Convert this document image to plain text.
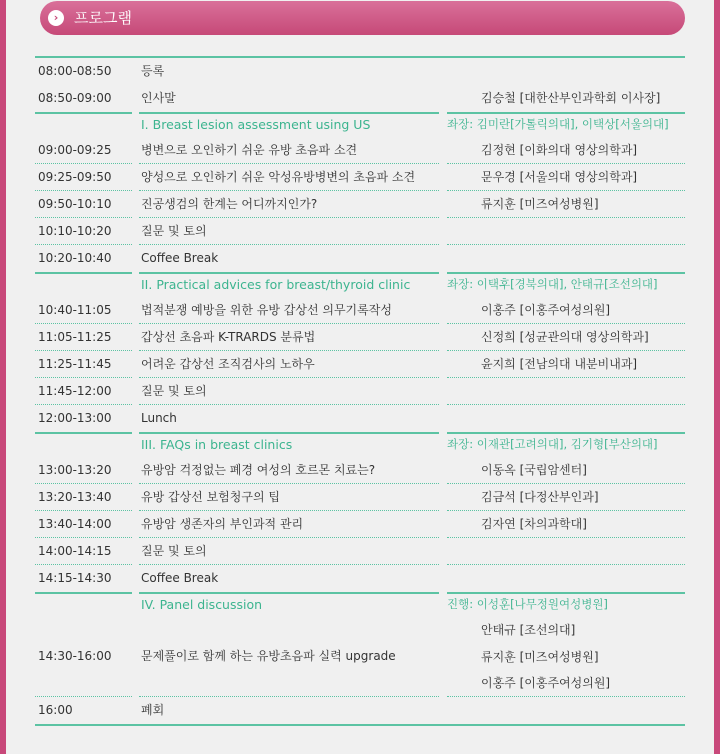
›	프로그램
08:00-08:50 등록
08:50-09:00 인사말	김승철 [대한산부인과학회 이사장]
I. Breast lesion assessment using US	좌장: 김미란[가톨릭의대], 이택상[서울의대]
09:00-09:25 병변으로 오인하기 쉬운 유방 초음파 소견	김정현 [이화의대 영상의학과]
09:25-09:50 양성으로 오인하기 쉬운 악성유방병변의 초음파 소견	문우경 [서울의대 영상의학과]
09:50-10:10 진공생검의 한계는 어디까지인가?	류지훈 [미즈여성병원]
10:10-10:20 질문 및 토의
10:20-10:40 Coffee Break
II. Practical advices for breast/thyroid clinic	좌장: 이택후[경북의대], 안태규[조선의대]
10:40-11:05 법적분쟁 예방을 위한 유방 갑상선 의무기록작성	이홍주 [이홍주여성의원]
11:05-11:25 갑상선 초음파 K-TRARDS 분류법	신정희 [성균관의대 영상의학과]
11:25-11:45 어려운 갑상선 조직검사의 노하우	윤지희 [전남의대 내분비내과]
11:45-12:00 질문 및 토의
12:00-13:00 Lunch
III. FAQs in breast clinics	좌장: 이재관[고려의대], 김기형[부산의대]
13:00-13:20 유방암 걱정없는 폐경 여성의 호르몬 치료는?	이동옥 [국립암센터]
13:20-13:40 유방 갑상선 보험청구의 팁	김금석 [다정산부인과]
13:40-14:00 유방암 생존자의 부인과적 관리	김자연 [차의과학대]
14:00-14:15 질문 및 토의
14:15-14:30 Coffee Break
IV. Panel discussion	진행: 이성훈[나무정원여성병원]
14:30-16:00 문제풀이로 함께 하는 유방초음파 실력 upgrade
안태규 [조선의대]
류지훈 [미즈여성병원]
이홍주 [이홍주여성의원]
16:00	폐회
